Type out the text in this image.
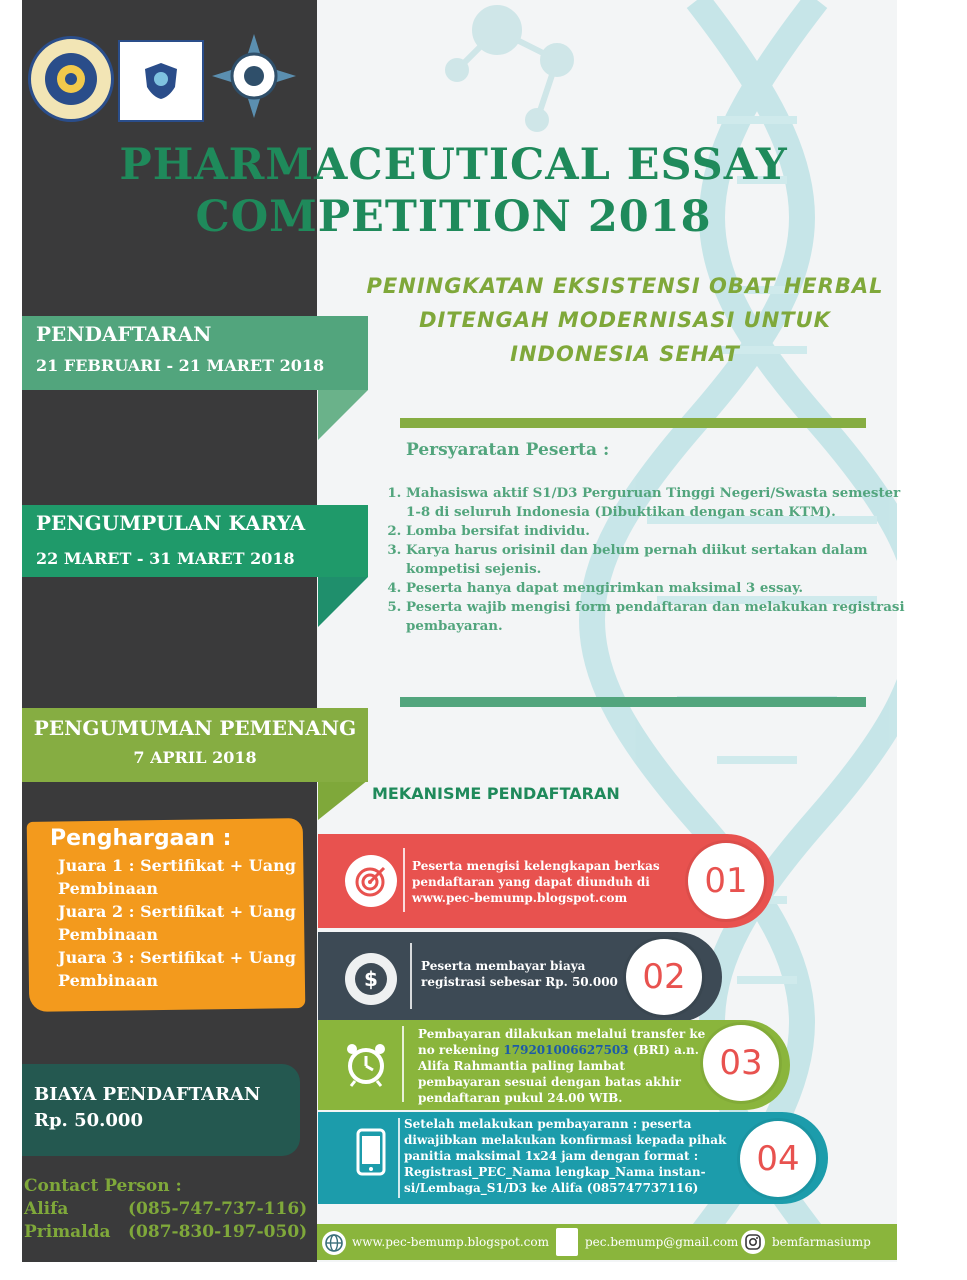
PHARMACEUTICAL ESSAY
COMPETITION 2018
PENINGKATAN EKSISTENSI OBAT HERBAL
DITENGAH MODERNISASI UNTUK
INDONESIA SEHAT
PENDAFTARAN
21 FEBRUARI - 21 MARET 2018
PENGUMPULAN KARYA
22 MARET - 31 MARET 2018
PENGUMUMAN PEMENANG
7 APRIL 2018
Persyaratan Peserta :
1. Mahasiswa aktif S1/D3 Perguruan Tinggi Negeri/Swasta semester 1-8 di seluruh Indonesia (Dibuktikan dengan scan KTM).
2. Lomba bersifat individu.
3. Karya harus orisinil dan belum pernah diikut sertakan dalam kompetisi sejenis.
4. Peserta hanya dapat mengirimkan maksimal 3 essay.
5. Peserta wajib mengisi form pendaftaran dan melakukan registrasi pembayaran.
Penghargaan :
Juara 1 : Sertifikat + Uang Pembinaan
Juara 2 : Sertifikat + Uang Pembinaan
Juara 3 : Sertifikat + Uang Pembinaan
BIAYA PENDAFTARAN
Rp. 50.000
Contact Person :
Alifa	(085-747-737-116)
Primalda (087-830-197-050)
MEKANISME PENDAFTARAN
Peserta mengisi kelengkapan berkas pendaftaran yang dapat diunduh di www.pec-bemump.blogspot.com	01
$
Peserta membayar biaya registrasi sebesar Rp. 50.000 02
Pembayaran dilakukan melalui transfer ke no rekening 179201006627503 (BRI) a.n. Alifa Rahmantia paling lambat pembayaran sesuai dengan batas akhir pendaftaran pukul 24.00 WIB.
03
Setelah melakukan pembayarann : peserta diwajibkan melakukan konfirmasi kepada pihak panitia maksimal 1x24 jam dengan format : Registrasi_PEC_Nama lengkap_Nama instan-si/Lembaga_S1/D3 ke Alifa (085747737116)
04
www.pec-bemump.blogspot.com	pec.bemump@gmail.com	bemfarmasiump
